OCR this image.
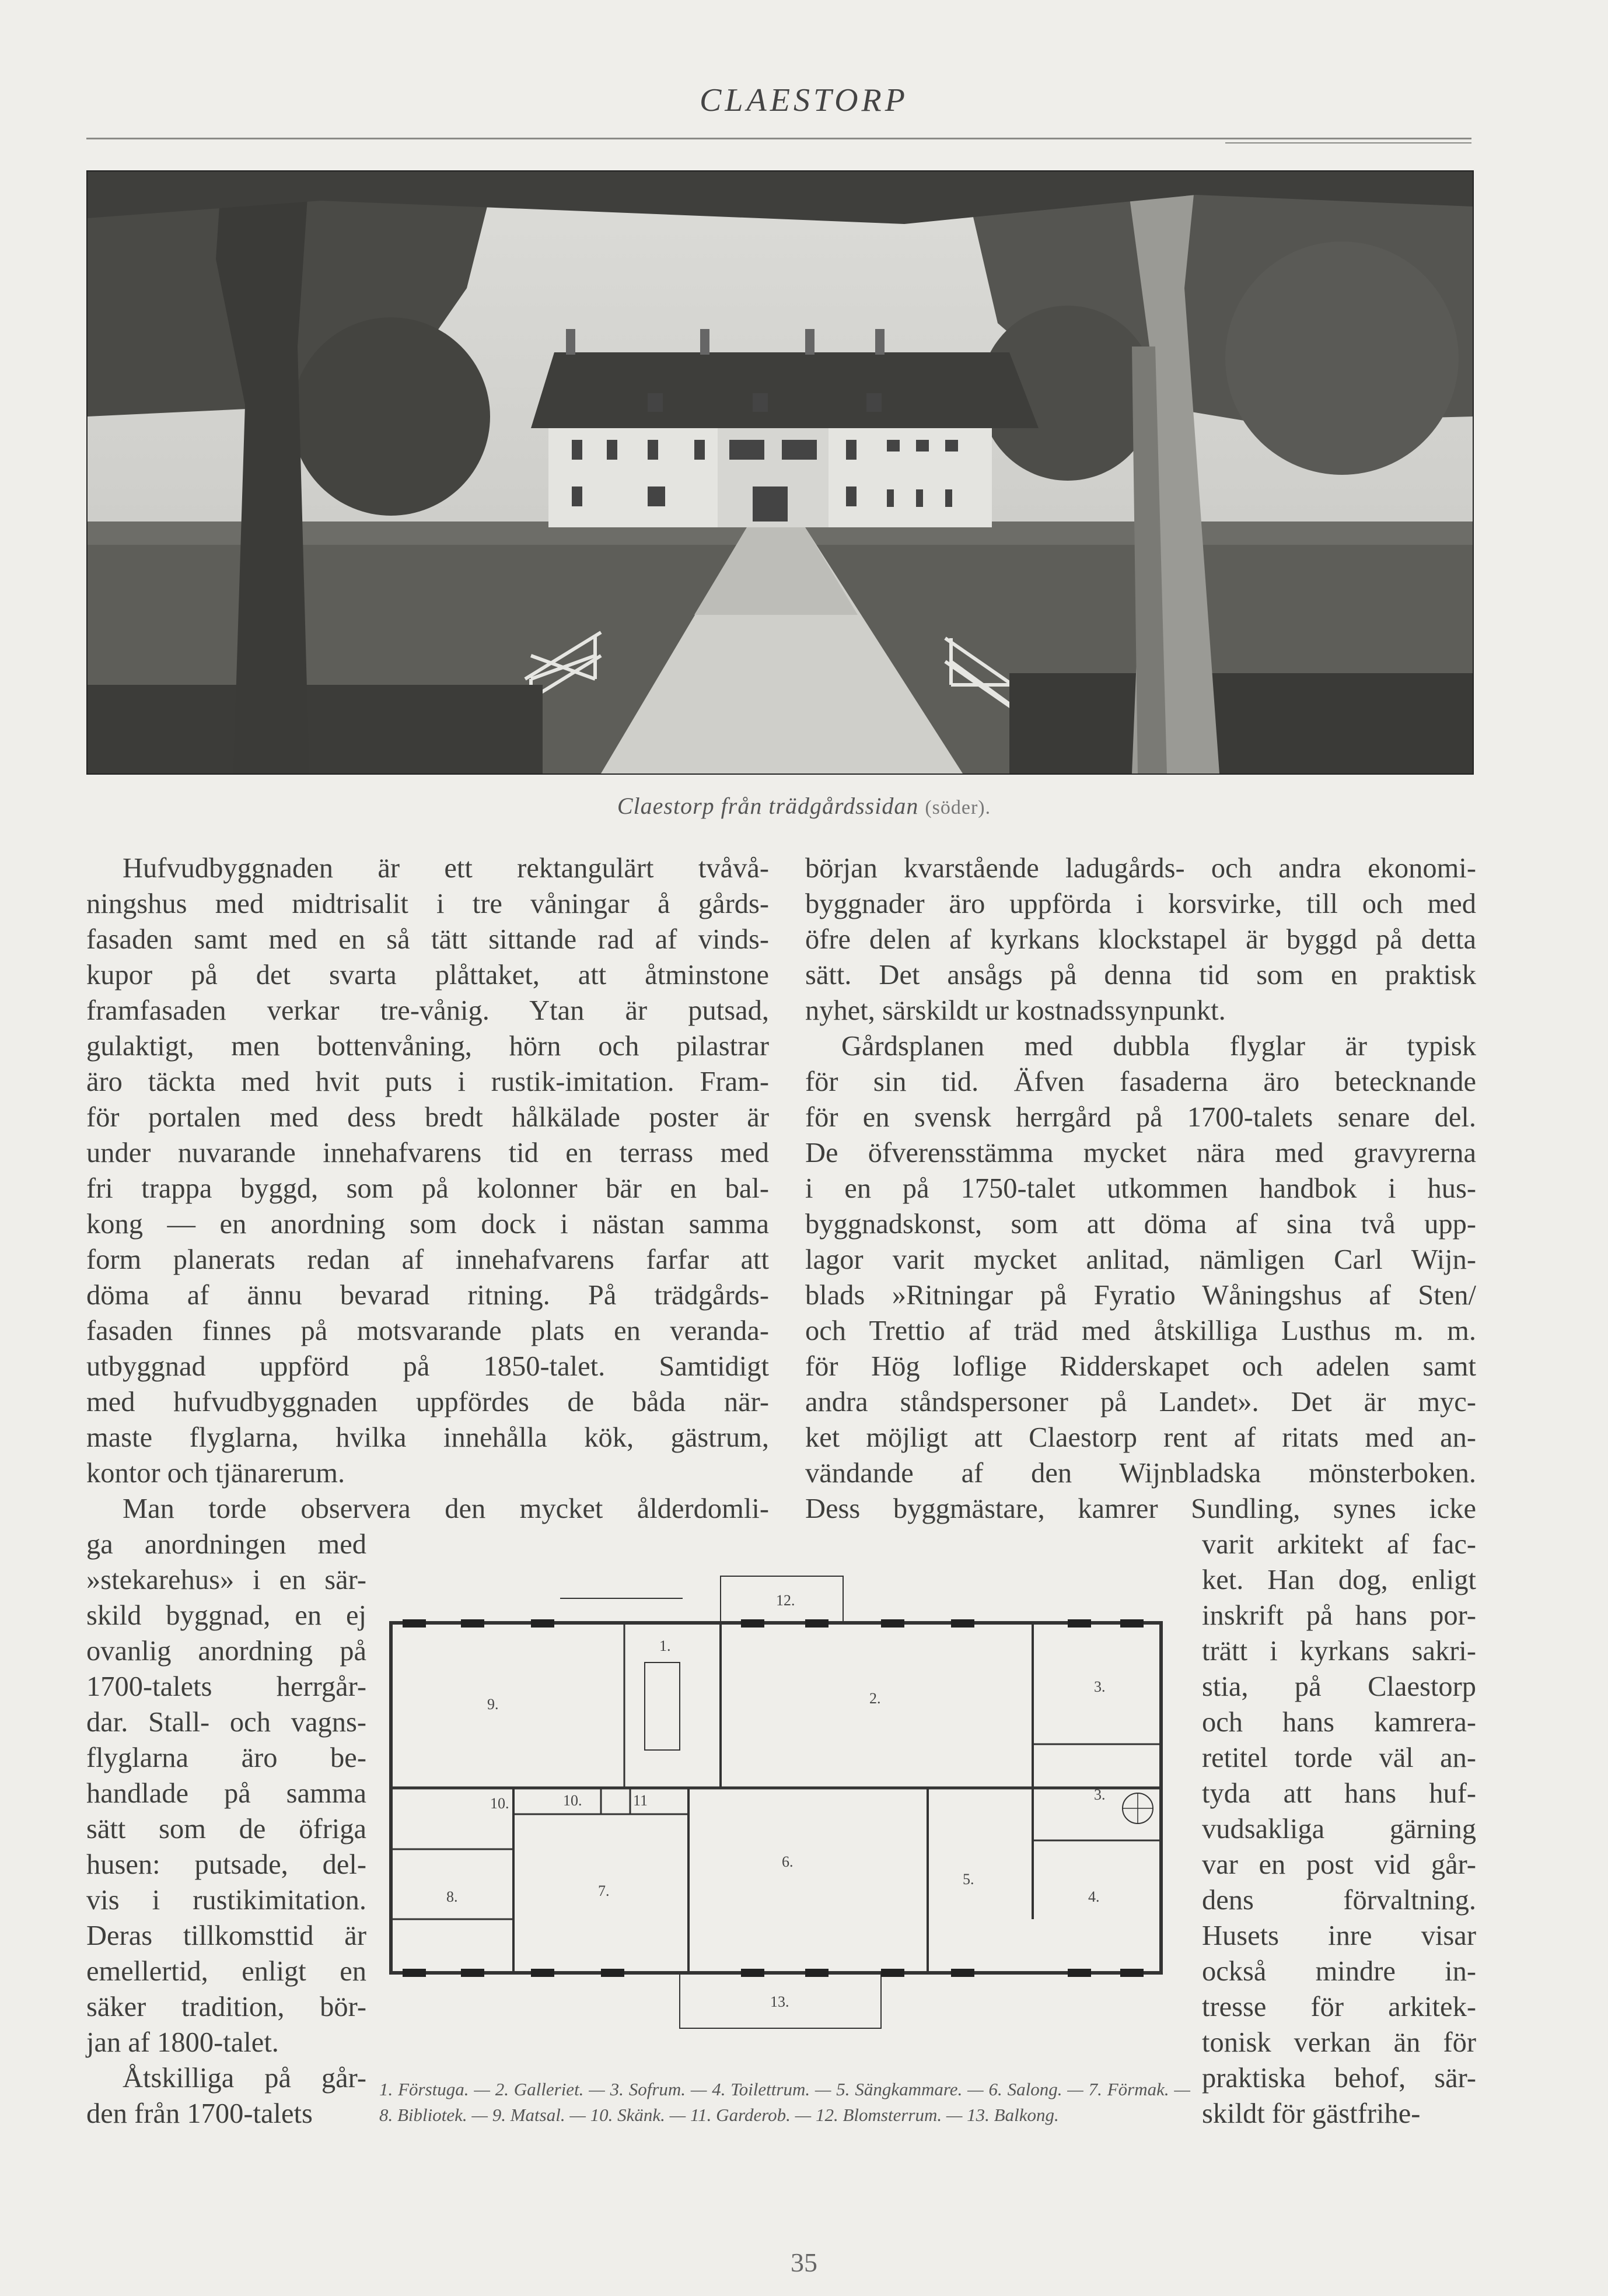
CLAESTORP
Claestorp från trädgårdssidan (söder).

Hufvudbyggnaden är ett rektangulärt tvåvå-

ningshus med midtrisalit i tre våningar å gårds-

fasaden samt med en så tätt sittande rad af vinds-

kupor på det svarta plåttaket, att åtminstone

framfasaden verkar tre-vånig. Ytan är putsad,

gulaktigt, men bottenvåning, hörn och pilastrar

äro täckta med hvit puts i rustik-imitation. Fram-

för portalen med dess bredt hålkälade poster är

under nuvarande innehafvarens tid en terrass med

fri trappa byggd, som på kolonner bär en bal-

kong — en anordning som dock i nästan samma

form planerats redan af innehafvarens farfar att

döma af ännu bevarad ritning. På trädgårds-

fasaden finnes på motsvarande plats en veranda-

utbyggnad uppförd på 1850-talet. Samtidigt

med hufvudbyggnaden uppfördes de båda när-

maste flyglarna, hvilka innehålla kök, gästrum,

kontor och tjänarerum.

Man torde observera den mycket ålderdomli-

ga anordningen med

»stekarehus» i en sär-

skild byggnad, en ej

ovanlig anordning på

1700-talets herrgår-

dar. Stall- och vagns-

flyglarna äro be-

handlade på samma

sätt som de öfriga

husen: putsade, del-

vis i rustikimitation.

Deras tillkomsttid är

emellertid, enligt en

säker tradition, bör-

jan af 1800-talet.

Åtskilliga på går-

den från 1700-talets

början kvarstående ladugårds- och andra ekonomi-

byggnader äro uppförda i korsvirke, till och med

öfre delen af kyrkans klockstapel är byggd på detta

sätt. Det ansågs på denna tid som en praktisk

nyhet, särskildt ur kostnadssynpunkt.

Gårdsplanen med dubbla flyglar är typisk

för sin tid. Äfven fasaderna äro betecknande

för en svensk herrgård på 1700-talets senare del.

De öfverensstämma mycket nära med gravyrerna

i en på 1750-talet utkommen handbok i hus-

byggnadskonst, som att döma af sina två upp-

lagor varit mycket anlitad, nämligen Carl Wijn-

blads »Ritningar på Fyratio Wåningshus af Sten/

och Trettio af träd med åtskilliga Lusthus m. m.

för Hög loflige Ridderskapet och adelen samt

andra ståndspersoner på Landet». Det är myc-

ket möjligt att Claestorp rent af ritats med an-

vändande af den Wijnbladska mönsterboken.

Dess byggmästare, kamrer Sundling, synes icke

varit arkitekt af fac-

ket. Han dog, enligt

inskrift på hans por-

trätt i kyrkans sakri-

stia, på Claestorp

och hans kamrera-

retitel torde väl an-

tyda att hans huf-

vudsakliga gärning

var en post vid går-

dens förvaltning.

Husets inre visar

också mindre in-

tresse för arkitek-

tonisk verkan än för

praktiska behof, sär-

skildt för gästfrihe-

1.
2.
3.
3.
4.
5.
6.
7.
8.
9.
10.	10.	11
12.
13.
1. Förstuga. — 2. Galleriet. — 3. Sofrum. — 4. Toilettrum. — 5. Sängkammare. — 6. Salong. — 7. Förmak. — 8. Bibliotek. — 9. Matsal. — 10. Skänk. — 11. Garderob. — 12. Blomsterrum. — 13. Balkong.
35
